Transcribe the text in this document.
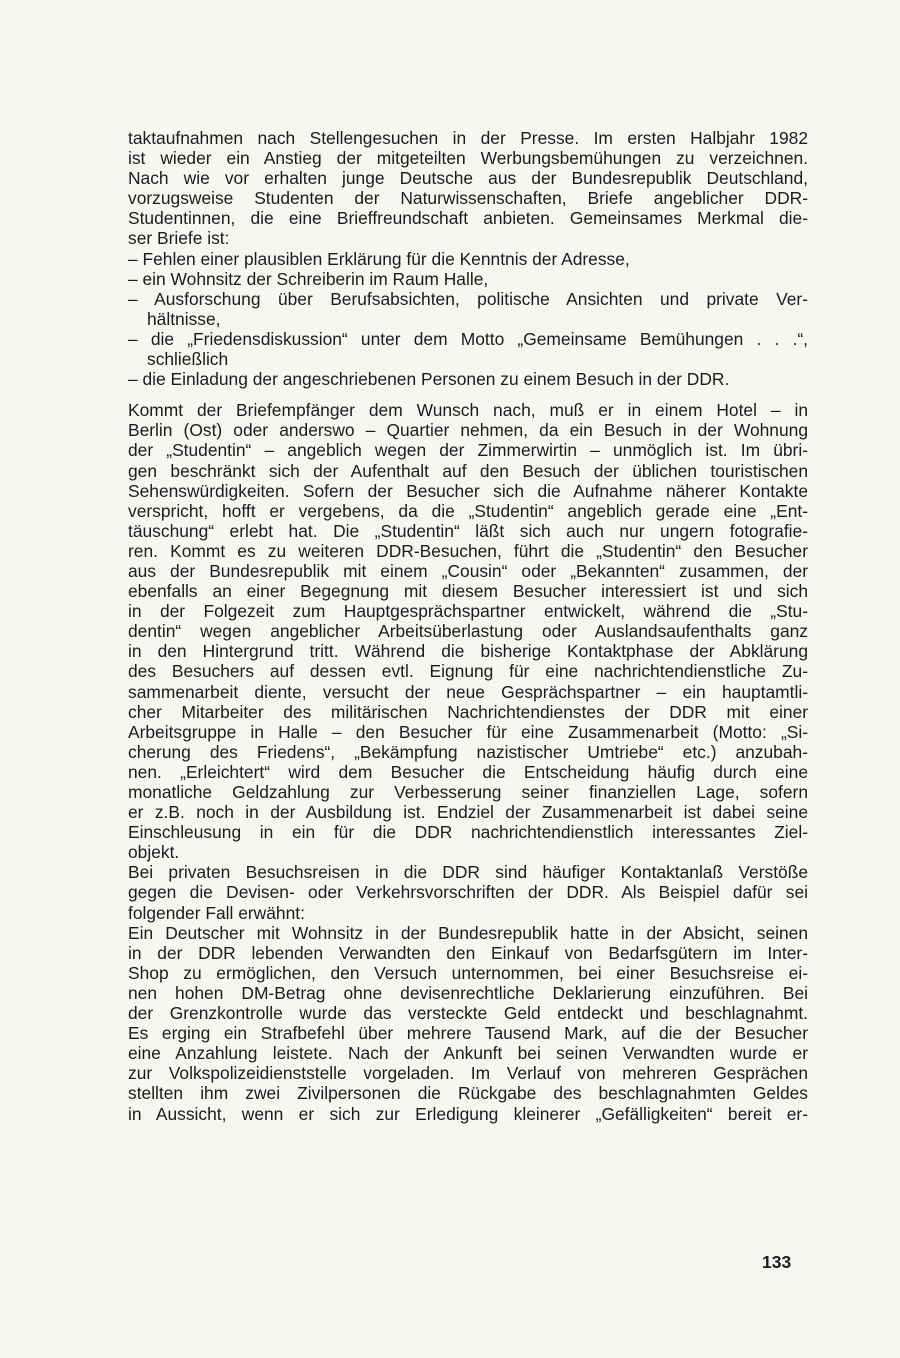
taktaufnahmen nach Stellengesuchen in der Presse. Im ersten Halbjahr 1982
ist wieder ein Anstieg der mitgeteilten Werbungsbemühungen zu verzeichnen.
Nach wie vor erhalten junge Deutsche aus der Bundesrepublik Deutschland,
vorzugsweise Studenten der Naturwissenschaften, Briefe angeblicher DDR-
Studentinnen, die eine Brieffreundschaft anbieten. Gemeinsames Merkmal die-
ser Briefe ist:
– Fehlen einer plausiblen Erklärung für die Kenntnis der Adresse,
– ein Wohnsitz der Schreiberin im Raum Halle,
– Ausforschung über Berufsabsichten, politische Ansichten und private Ver-
hältnisse,
– die „Friedensdiskussion“ unter dem Motto „Gemeinsame Bemühungen . . .“,
schließlich
– die Einladung der angeschriebenen Personen zu einem Besuch in der DDR.
Kommt der Briefempfänger dem Wunsch nach, muß er in einem Hotel – in
Berlin (Ost) oder anderswo – Quartier nehmen, da ein Besuch in der Wohnung
der „Studentin“ – angeblich wegen der Zimmerwirtin – unmöglich ist. Im übri-
gen beschränkt sich der Aufenthalt auf den Besuch der üblichen touristischen
Sehenswürdigkeiten. Sofern der Besucher sich die Aufnahme näherer Kontakte
verspricht, hofft er vergebens, da die „Studentin“ angeblich gerade eine „Ent-
täuschung“ erlebt hat. Die „Studentin“ läßt sich auch nur ungern fotografie-
ren. Kommt es zu weiteren DDR-Besuchen, führt die „Studentin“ den Besucher
aus der Bundesrepublik mit einem „Cousin“ oder „Bekannten“ zusammen, der
ebenfalls an einer Begegnung mit diesem Besucher interessiert ist und sich
in der Folgezeit zum Hauptgesprächspartner entwickelt, während die „Stu-
dentin“ wegen angeblicher Arbeitsüberlastung oder Auslandsaufenthalts ganz
in den Hintergrund tritt. Während die bisherige Kontaktphase der Abklärung
des Besuchers auf dessen evtl. Eignung für eine nachrichtendienstliche Zu-
sammenarbeit diente, versucht der neue Gesprächspartner – ein hauptamtli-
cher Mitarbeiter des militärischen Nachrichtendienstes der DDR mit einer
Arbeitsgruppe in Halle – den Besucher für eine Zusammenarbeit (Motto: „Si-
cherung des Friedens“, „Bekämpfung nazistischer Umtriebe“ etc.) anzubah-
nen. „Erleichtert“ wird dem Besucher die Entscheidung häufig durch eine
monatliche Geldzahlung zur Verbesserung seiner finanziellen Lage, sofern
er z.B. noch in der Ausbildung ist. Endziel der Zusammenarbeit ist dabei seine
Einschleusung in ein für die DDR nachrichtendienstlich interessantes Ziel-
objekt.
Bei privaten Besuchsreisen in die DDR sind häufiger Kontaktanlaß Verstöße
gegen die Devisen- oder Verkehrsvorschriften der DDR. Als Beispiel dafür sei
folgender Fall erwähnt:
Ein Deutscher mit Wohnsitz in der Bundesrepublik hatte in der Absicht, seinen
in der DDR lebenden Verwandten den Einkauf von Bedarfsgütern im Inter-
Shop zu ermöglichen, den Versuch unternommen, bei einer Besuchsreise ei-
nen hohen DM-Betrag ohne devisenrechtliche Deklarierung einzuführen. Bei
der Grenzkontrolle wurde das versteckte Geld entdeckt und beschlagnahmt.
Es erging ein Strafbefehl über mehrere Tausend Mark, auf die der Besucher
eine Anzahlung leistete. Nach der Ankunft bei seinen Verwandten wurde er
zur Volkspolizeidienststelle vorgeladen. Im Verlauf von mehreren Gesprächen
stellten ihm zwei Zivilpersonen die Rückgabe des beschlagnahmten Geldes
in Aussicht, wenn er sich zur Erledigung kleinerer „Gefälligkeiten“ bereit er-
133
